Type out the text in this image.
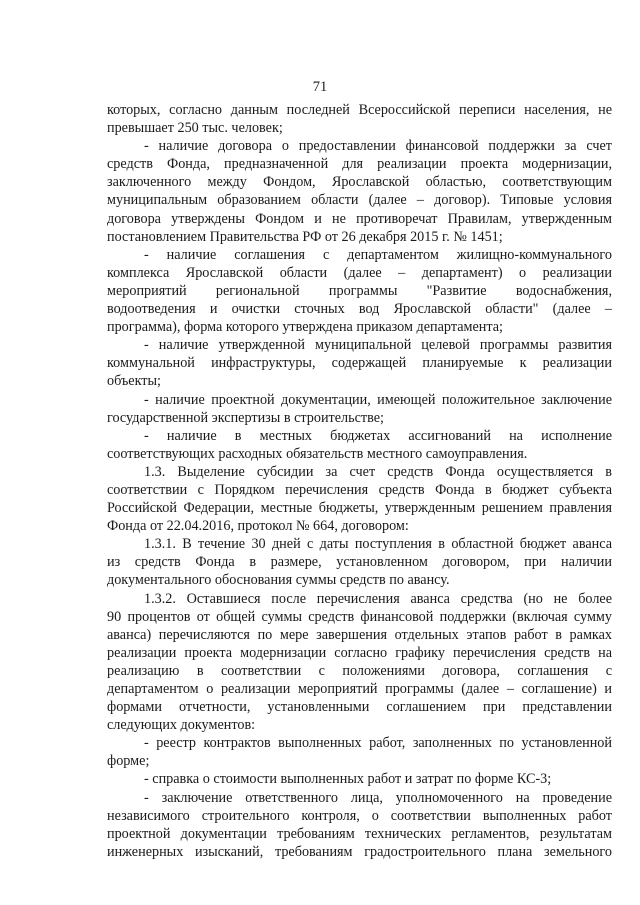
71

которых, согласно данным последней Всероссийской переписи населения, не

превышает 250 тыс. человек;

- наличие договора о предоставлении финансовой поддержки за счет

средств Фонда, предназначенной для реализации проекта модернизации,

заключенного между Фондом, Ярославской областью, соответствующим

муниципальным образованием области (далее – договор). Типовые условия

договора утверждены Фондом и не противоречат Правилам, утвержденным

постановлением Правительства РФ от 26 декабря 2015 г. № 1451;

- наличие соглашения с департаментом жилищно-коммунального

комплекса Ярославской области (далее – департамент) о реализации

мероприятий региональной программы "Развитие водоснабжения,

водоотведения и очистки сточных вод Ярославской области" (далее –

программа), форма которого утверждена приказом департамента;

- наличие утвержденной муниципальной целевой программы развития

коммунальной инфраструктуры, содержащей планируемые к реализации

объекты;

- наличие проектной документации, имеющей положительное заключение

государственной экспертизы в строительстве;

- наличие в местных бюджетах ассигнований на исполнение

соответствующих расходных обязательств местного самоуправления.

1.3. Выделение субсидии за счет средств Фонда осуществляется в

соответствии с Порядком перечисления средств Фонда в бюджет субъекта

Российской Федерации, местные бюджеты, утвержденным решением правления

Фонда от 22.04.2016, протокол № 664, договором:

1.3.1. В течение 30 дней с даты поступления в областной бюджет аванса

из средств Фонда в размере, установленном договором, при наличии

документального обоснования суммы средств по авансу.

1.3.2. Оставшиеся после перечисления аванса средства (но не более

90 процентов от общей суммы средств финансовой поддержки (включая сумму

аванса) перечисляются по мере завершения отдельных этапов работ в рамках

реализации проекта модернизации согласно графику перечисления средств на

реализацию в соответствии с положениями договора, соглашения с

департаментом о реализации мероприятий программы (далее – соглашение) и

формами отчетности, установленными соглашением при представлении

следующих документов:

- реестр контрактов выполненных работ, заполненных по установленной

форме;

- справка о стоимости выполненных работ и затрат по форме КС-3;

- заключение ответственного лица, уполномоченного на проведение

независимого строительного контроля, о соответствии выполненных работ

проектной документации требованиям технических регламентов, результатам

инженерных изысканий, требованиям градостроительного плана земельного
